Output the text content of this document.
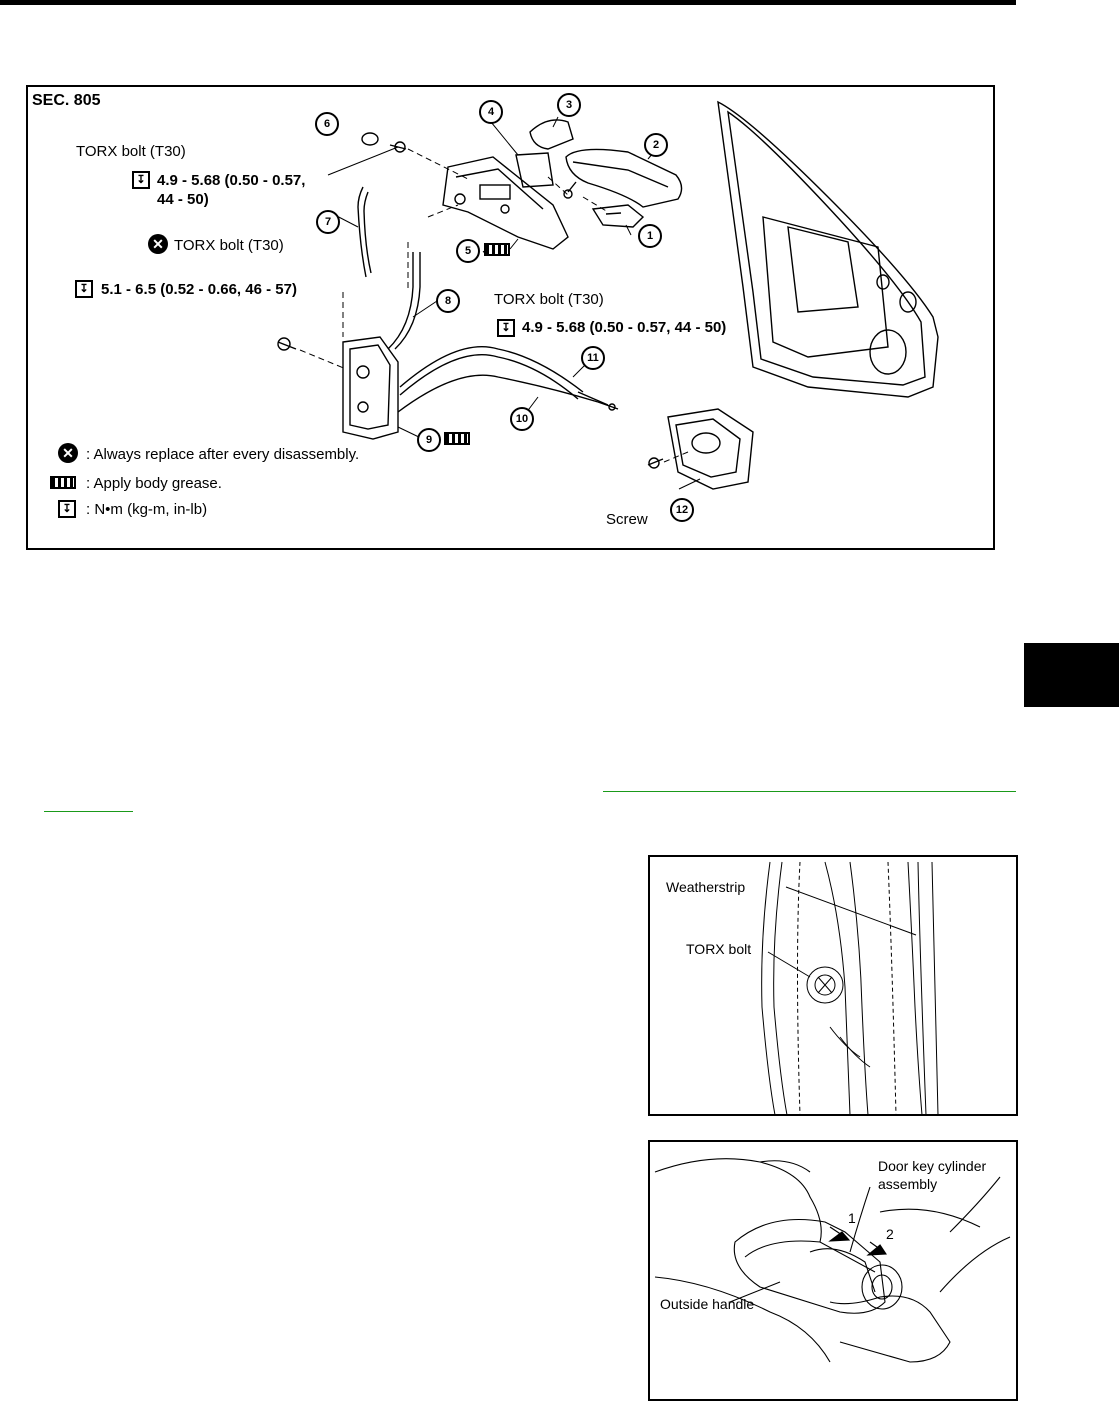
SEC. 805
TORX bolt (T30)
↧ 4.9 - 5.68 (0.50 - 0.57,
44 - 50)
✕ TORX bolt (T30)
↧ 5.1 - 6.5 (0.52 - 0.66, 46 - 57)
TORX bolt (T30)
↧ 4.9 - 5.68 (0.50 - 0.57, 44 - 50)
Screw
✕ : Always replace after every disassembly.
: Apply body grease.
↧ : N•m (kg-m, in-lb)
1
2
3
4
5
6
7
8
9
10
11
12
Weatherstrip
TORX bolt
Door key cylinder
assembly
Outside handle
1
2
